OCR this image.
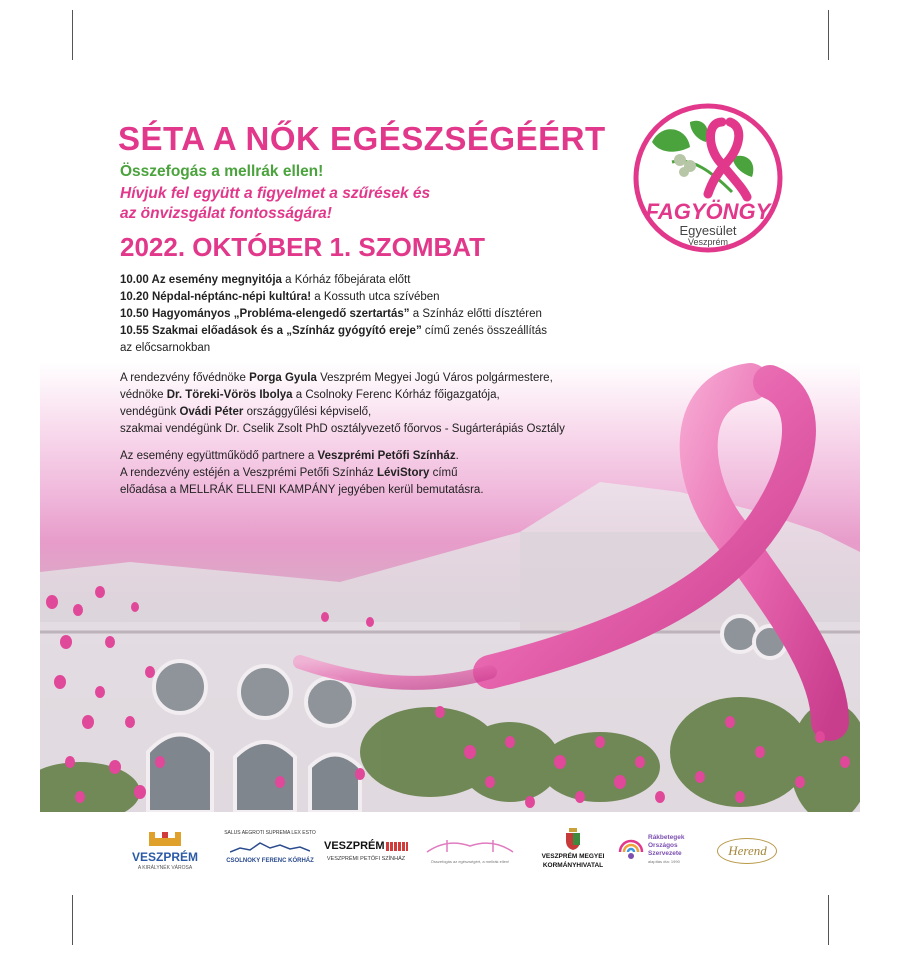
SÉTA A NŐK EGÉSZSÉGÉÉRT
Összefogás a mellrák ellen!
Hívjuk fel együtt a figyelmet a szűrések és
az önvizsgálat fontosságára!
2022. OKTÓBER 1. SZOMBAT
10.00 Az esemény megnyitója a Kórház főbejárata előtt
10.20 Népdal-néptánc-népi kultúra! a Kossuth utca szívében
10.50 Hagyományos „Probléma-elengedő szertartás” a Színház előtti dísztéren
10.55 Szakmai előadások és a „Színház gyógyító ereje” című zenés összeállítás
az előcsarnokban
A rendezvény fővédnöke Porga Gyula Veszprém Megyei Jogú Város polgármestere,
védnöke Dr. Töreki-Vörös Ibolya a Csolnoky Ferenc Kórház főigazgatója,
vendégünk Ovádi Péter országgyűlési képviselő,
szakmai vendégünk Dr. Cselik Zsolt PhD osztályvezető főorvos - Sugárterápiás Osztály
Az esemény együttműködő partnere a Veszprémi Petőfi Színház.
A rendezvény estéjén a Veszprémi Petőfi Színház LéviStory című
előadása a MELLRÁK ELLENI KAMPÁNY jegyében kerül bemutatásra.
FAGYÖNGY
Egyesület
Veszprém
VESZPRÉM
A KIRÁLYNÉK VÁROSA
SALUS AEGROTI SUPREMA LEX ESTO
CSOLNOKY FERENC KÓRHÁZ
VESZPRÉM
VESZPRÉMI PETŐFI SZÍNHÁZ	Összefogás az egészségért, a mellrák ellen!
VESZPRÉM MEGYEI
KORMÁNYHIVATAL
Rákbetegek
Országos
Szervezete
alapítás óta: 1990
Herend
